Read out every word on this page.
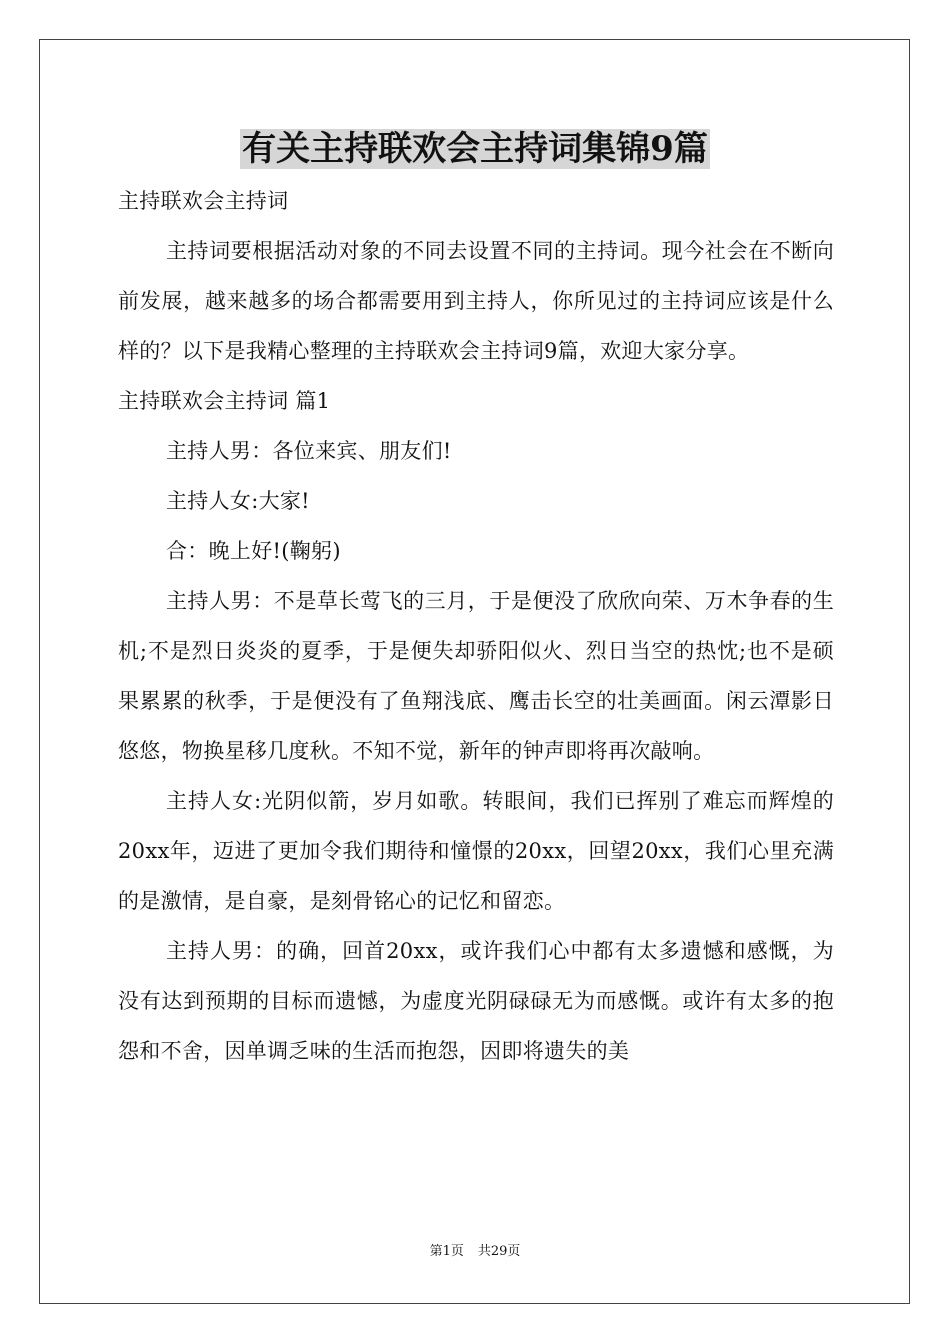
有关主持联欢会主持词集锦9篇

主持联欢会主持词

主持词要根据活动对象的不同去设置不同的主持词。现今社会在不断向前发展，越来越多的场合都需要用到主持人，你所见过的主持词应该是什么样的？以下是我精心整理的主持联欢会主持词9篇，欢迎大家分享。

主持联欢会主持词 篇1

主持人男：各位来宾、朋友们!

主持人女:大家!

合：晚上好!(鞠躬)

主持人男：不是草长莺飞的三月，于是便没了欣欣向荣、万木争春的生机;不是烈日炎炎的夏季，于是便失却骄阳似火、烈日当空的热忱;也不是硕果累累的秋季，于是便没有了鱼翔浅底、鹰击长空的壮美画面。闲云潭影日悠悠，物换星移几度秋。不知不觉，新年的钟声即将再次敲响。

主持人女:光阴似箭，岁月如歌。转眼间，我们已挥别了难忘而辉煌的20xx年，迈进了更加令我们期待和憧憬的20xx，回望20xx，我们心里充满的是激情，是自豪，是刻骨铭心的记忆和留恋。

主持人男：的确，回首20xx，或许我们心中都有太多遗憾和感慨，为没有达到预期的目标而遗憾，为虚度光阴碌碌无为而感慨。或许有太多的抱怨和不舍，因单调乏味的生活而抱怨，因即将遗失的美

第1页 共29页
